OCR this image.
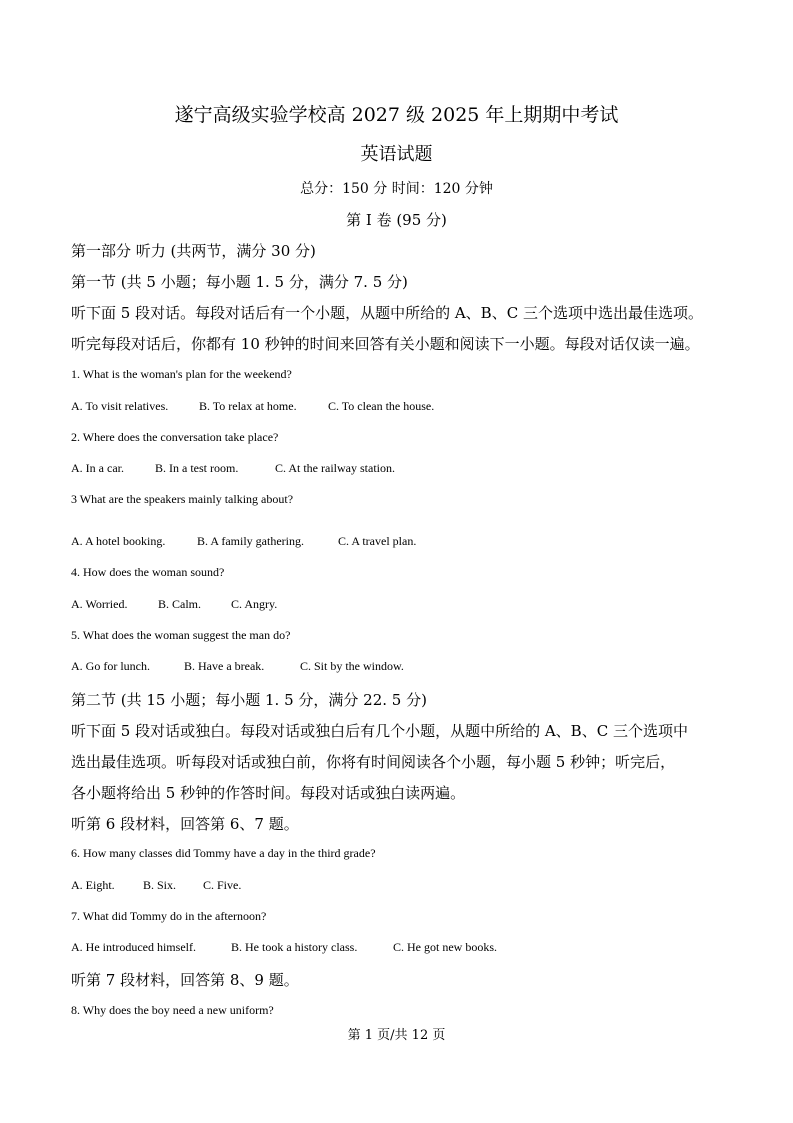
遂宁高级实验学校高 2027 级 2025 年上期期中考试
英语试题
总分：150 分 时间：120 分钟
第 I 卷 (95 分)
第一部分 听力 (共两节，满分 30 分)
第一节 (共 5 小题；每小题 1. 5 分，满分 7. 5 分)
听下面 5 段对话。每段对话后有一个小题，从题中所给的 A、B、C 三个选项中选出最佳选项。
听完每段对话后，你都有 10 秒钟的时间来回答有关小题和阅读下一小题。每段对话仅读一遍。
1. What is the woman's plan for the weekend?
A. To visit relatives.	B. To relax at home.	C. To clean the house.
2. Where does the conversation take place?
A. In a car.	B. In a test room.	C. At the railway station.
3 What are the speakers mainly talking about?
A. A hotel booking.	B. A family gathering.	C. A travel plan.
4. How does the woman sound?
A. Worried.	B. Calm. C. Angry.
5. What does the woman suggest the man do?
A. Go for lunch.	B. Have a break.	C. Sit by the window.
第二节 (共 15 小题；每小题 1. 5 分，满分 22. 5 分)
听下面 5 段对话或独白。每段对话或独白后有几个小题，从题中所给的 A、B、C 三个选项中
选出最佳选项。听每段对话或独白前，你将有时间阅读各个小题，每小题 5 秒钟；听完后，
各小题将给出 5 秒钟的作答时间。每段对话或独白读两遍。
听第 6 段材料，回答第 6、7 题。
6. How many classes did Tommy have a day in the third grade?
A. Eight. B. Six. C. Five.
7. What did Tommy do in the afternoon?
A. He introduced himself.	B. He took a history class.	C. He got new books.
听第 7 段材料，回答第 8、9 题。
8. Why does the boy need a new uniform?
第 1 页/共 12 页
